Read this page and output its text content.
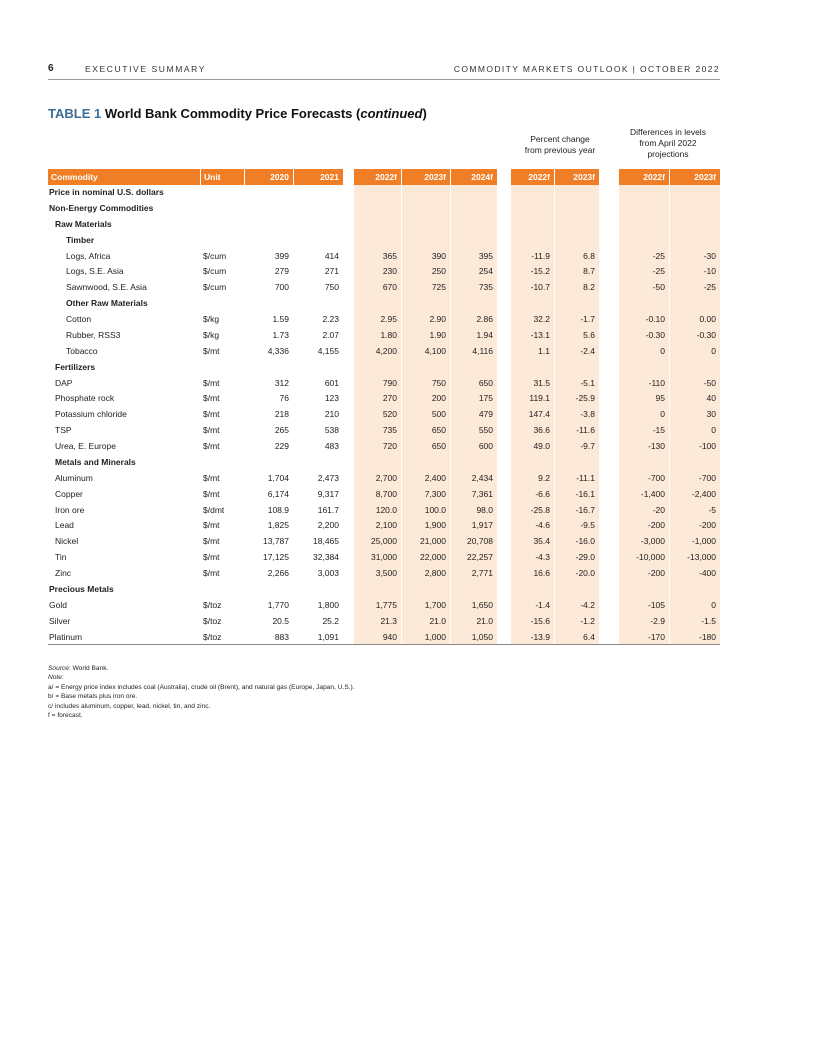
6	EXECUTIVE SUMMARY	COMMODITY MARKETS OUTLOOK | OCTOBER 2022
TABLE 1 World Bank Commodity Price Forecasts (continued)
Percent change
from previous year
Differences in levels
from April 2022
projections
Commodity	Unit	2020	2021	2022f	2023f	2024f	2022f	2023f	2022f	2023f
Price in nominal U.S. dollars
Non-Energy Commodities
Raw Materials
Timber
Logs, Africa	$/cum	399	414	365	390	395	-11.9	6.8	-25	-30
Logs, S.E. Asia	$/cum	279	271	230	250	254	-15.2	8.7	-25	-10
Sawnwood, S.E. Asia	$/cum	700	750	670	725	735	-10.7	8.2	-50	-25
Other Raw Materials
Cotton	$/kg	1.59	2.23	2.95	2.90	2.86	32.2	-1.7	-0.10	0.00
Rubber, RSS3	$/kg	1.73	2.07	1.80	1.90	1.94	-13.1	5.6	-0.30	-0.30
Tobacco	$/mt	4,336	4,155	4,200	4,100	4,116	1.1	-2.4	0	0
Fertilizers
DAP	$/mt	312	601	790	750	650	31.5	-5.1	-110	-50
Phosphate rock	$/mt	76	123	270	200	175	119.1	-25.9	95	40
Potassium chloride	$/mt	218	210	520	500	479	147.4	-3.8	0	30
TSP	$/mt	265	538	735	650	550	36.6	-11.6	-15	0
Urea, E. Europe	$/mt	229	483	720	650	600	49.0	-9.7	-130	-100
Metals and Minerals
Aluminum	$/mt	1,704	2,473	2,700	2,400	2,434	9.2	-11.1	-700	-700
Copper	$/mt	6,174	9,317	8,700	7,300	7,361	-6.6	-16.1	-1,400	-2,400
Iron ore	$/dmt	108.9	161.7	120.0	100.0	98.0	-25.8	-16.7	-20	-5
Lead	$/mt	1,825	2,200	2,100	1,900	1,917	-4.6	-9.5	-200	-200
Nickel	$/mt	13,787	18,465	25,000	21,000	20,708	35.4	-16.0	-3,000	-1,000
Tin	$/mt	17,125	32,384	31,000	22,000	22,257	-4.3	-29.0	-10,000	-13,000
Zinc	$/mt	2,266	3,003	3,500	2,800	2,771	16.6	-20.0	-200	-400
Precious Metals
Gold	$/toz	1,770	1,800	1,775	1,700	1,650	-1.4	-4.2	-105	0
Silver	$/toz	20.5	25.2	21.3	21.0	21.0	-15.6	-1.2	-2.9	-1.5
Platinum	$/toz	883	1,091	940	1,000	1,050	-13.9	6.4	-170	-180
Source: World Bank.
Note:
a/ = Energy price index includes coal (Australia), crude oil (Brent), and natural gas (Europe, Japan, U.S.).
b/ = Base metals plus iron ore.
c/ includes aluminum, copper, lead, nickel, tin, and zinc.
f = forecast.
